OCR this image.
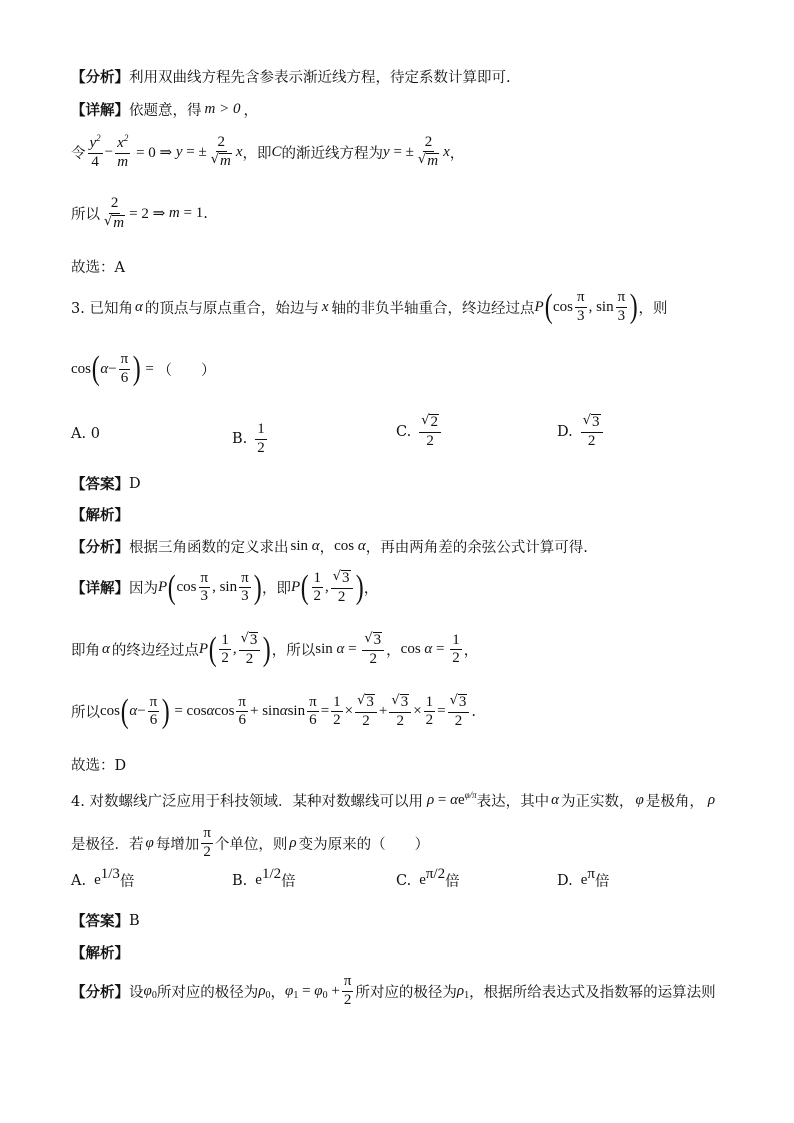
【分析】 利用双曲线方程先含参表示渐近线方程，待定系数计算即可.
【详解】 依题意，得 m > 0 ，
令 $\frac{y^2}{4} - \frac{x^2}{m} = 0$ ⇒ y = ± $\frac{2}{√ m}$ x ，即 C 的渐近线方程为 y = ± $\frac{2}{√ m}$ x ，
所以 $\frac{2}{√ m} = 2$ ⇒ m = 1 .
故选：A
3. 已知角 α 的顶点与原点重合，始边与 x 轴的非负半轴重合，终边经过点 P ( $\cos \frac{\pi}{3}$ , $\sin \frac{\pi}{3}$ ) ，则
cos ( $\alpha - \frac{\pi}{6}$ ) = （　　）
A. 0	B. $\frac{1}{2}$	C. $\frac{√ 2}{2}$	D. $\frac{√ 3}{2}$
【答案】 D
【解析】
【分析】 根据三角函数的定义求出 sin α ， cos α ，再由两角差的余弦公式计算可得.
【详解】 因为 P ( $\cos \frac{\pi}{3}$ , $\sin \frac{\pi}{3}$ ) ，即 P ( $\frac{1}{2}$ , $\frac{√ 3}{2}$ ) ，
即角 α 的终边经过点 P ( $\frac{1}{2}$ , $\frac{√ 3}{2}$ ) ，所以 $\sin \alpha = \frac{√ 3}{2}$ ， $\cos \alpha = \frac{1}{2}$ ，
所以 cos ( $\alpha - \frac{\pi}{6}$ ) = cos α $\cos \frac{\pi}{6} + \sin \alpha$ $\sin \frac{\pi}{6} = \frac{1}{2} \times \frac{√ 3}{2} + \frac{√ 3}{2} \times \frac{1}{2} = \frac{√ 3}{2}$ .
故选：D
4. 对数螺线广泛应用于科技领域．某种对数螺线可以用 ρ = α $e^{\varphi/\pi}$ 表达，其中 α 为正实数， φ 是极角， ρ
是极径．若 φ 每增加 $\frac{\pi}{2}$ 个单位，则 ρ 变为原来的（　　）
A. $e^{1/3}$ 倍	B. $e^{1/2}$ 倍	C. $e^{\pi/2}$ 倍	D. $e^\pi$ 倍
【答案】 B
【解析】
【分析】 设 φ 0 所对应的极径为 ρ 0 ， φ 1 = φ $0 + \frac{\pi}{2}$ 所对应的极径为 ρ 1 ，根据所给表达式及指数幂的运算法则
